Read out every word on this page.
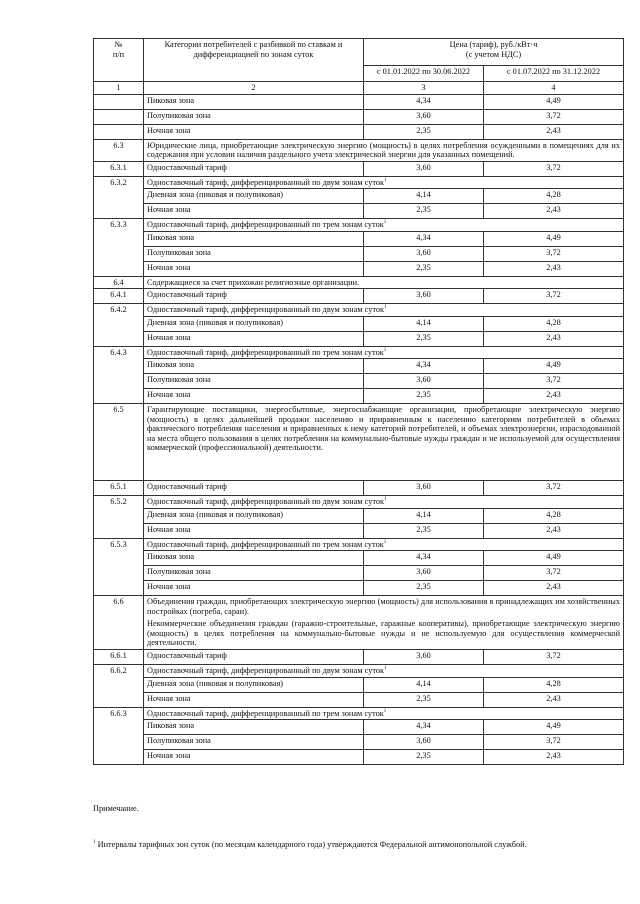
№
п/п	Категории потребителей с разбивкой по ставкам и дифференциацией по зонам суток	Цена (тариф), руб./кВт·ч
(с учетом НДС)	
		с 01.01.2022 по 30.06.2022	с 01.07.2022 по 31.12.2022
1	2	3	4
	Пиковая зона	4,34	4,49
	Полупиковая зона	3,60	3,72
	Ночная зона	2,35	2,43
6.3	Юридические лица, приобретающие электрическую энергию (мощность) в целях потребления осужденными в помещениях для их содержания при условии наличия раздельного учета электрической энергии для указанных помещений.		

6.3.1	Одноставочный тариф	3,60	3,72
6.3.2	Одноставочный тариф, дифференцированный по двум зонам суток$^1$
	Дневная зона (пиковая и полупиковая)	4,14	4,28
	Ночная зона	2,35	2,43
6.3.3	Одноставочный тариф, дифференцированный по трем зонам суток$^1$
	Пиковая зона	4,34	4,49
	Полупиковая зона	3,60	3,72
	Ночная зона	2,35	2,43
6.4	Содержащиеся за счет прихожан религиозные организации.		

6.4.1	Одноставочный тариф	3,60	3,72
6.4.2	Одноставочный тариф, дифференцированный по двум зонам суток$^1$
	Дневная зона (пиковая и полупиковая)	4,14	4,28
	Ночная зона	2,35	2,43
6.4.3	Одноставочный тариф, дифференцированный по трем зонам суток$^1$
	Пиковая зона	4,34	4,49
	Полупиковая зона	3,60	3,72
	Ночная зона	2,35	2,43
6.5	Гарантирующие поставщики, энергосбытовые, энергоснабжающие организации, приобретающие электрическую энергию (мощность) в целях дальнейшей продажи населению и приравненным к населению категориям потребителей в объемах фактического потребления населения и приравненных к нему категорий потребителей, и объемах электроэнергии, израсходованной на места общего пользования в целях потребления на коммунально-бытовые нужды граждан и не используемой для осуществления коммерческой (профессиональной) деятельности.		

6.5.1	Одноставочный тариф	3,60	3,72
6.5.2	Одноставочный тариф, дифференцированный по двум зонам суток$^1$
	Дневная зона (пиковая и полупиковая)	4,14	4,28
	Ночная зона	2,35	2,43
6.5.3	Одноставочный тариф, дифференцированный по трем зонам суток$^1$
	Пиковая зона	4,34	4,49
	Полупиковая зона	3,60	3,72
	Ночная зона	2,35	2,43
6.6	Объединения граждан, приобретающих электрическую энергию (мощность) для использования в принадлежащих им хозяйственных постройках (погреба, сараи).
Некоммерческие объединения граждан (гаражно-строительные, гаражные кооперативы), приобретающие электрическую энергию (мощность) в целях потребления на коммунально-бытовые нужды и не используемую для осуществления коммерческой деятельности.		

6.6.1	Одноставочный тариф	3,60	3,72
6.6.2	Одноставочный тариф, дифференцированный по двум зонам суток$^1$
	Дневная зона (пиковая и полупиковая)	4,14	4,28
	Ночная зона	2,35	2,43
6.6.3	Одноставочный тариф, дифференцированный по трем зонам суток$^1$
	Пиковая зона	4,34	4,49
	Полупиковая зона	3,60	3,72
	Ночная зона	2,35	2,43
Примечание.
$^1$ Интервалы тарифных зон суток (по месяцам календарного года) утверждаются Федеральной антимонопольной службой.
